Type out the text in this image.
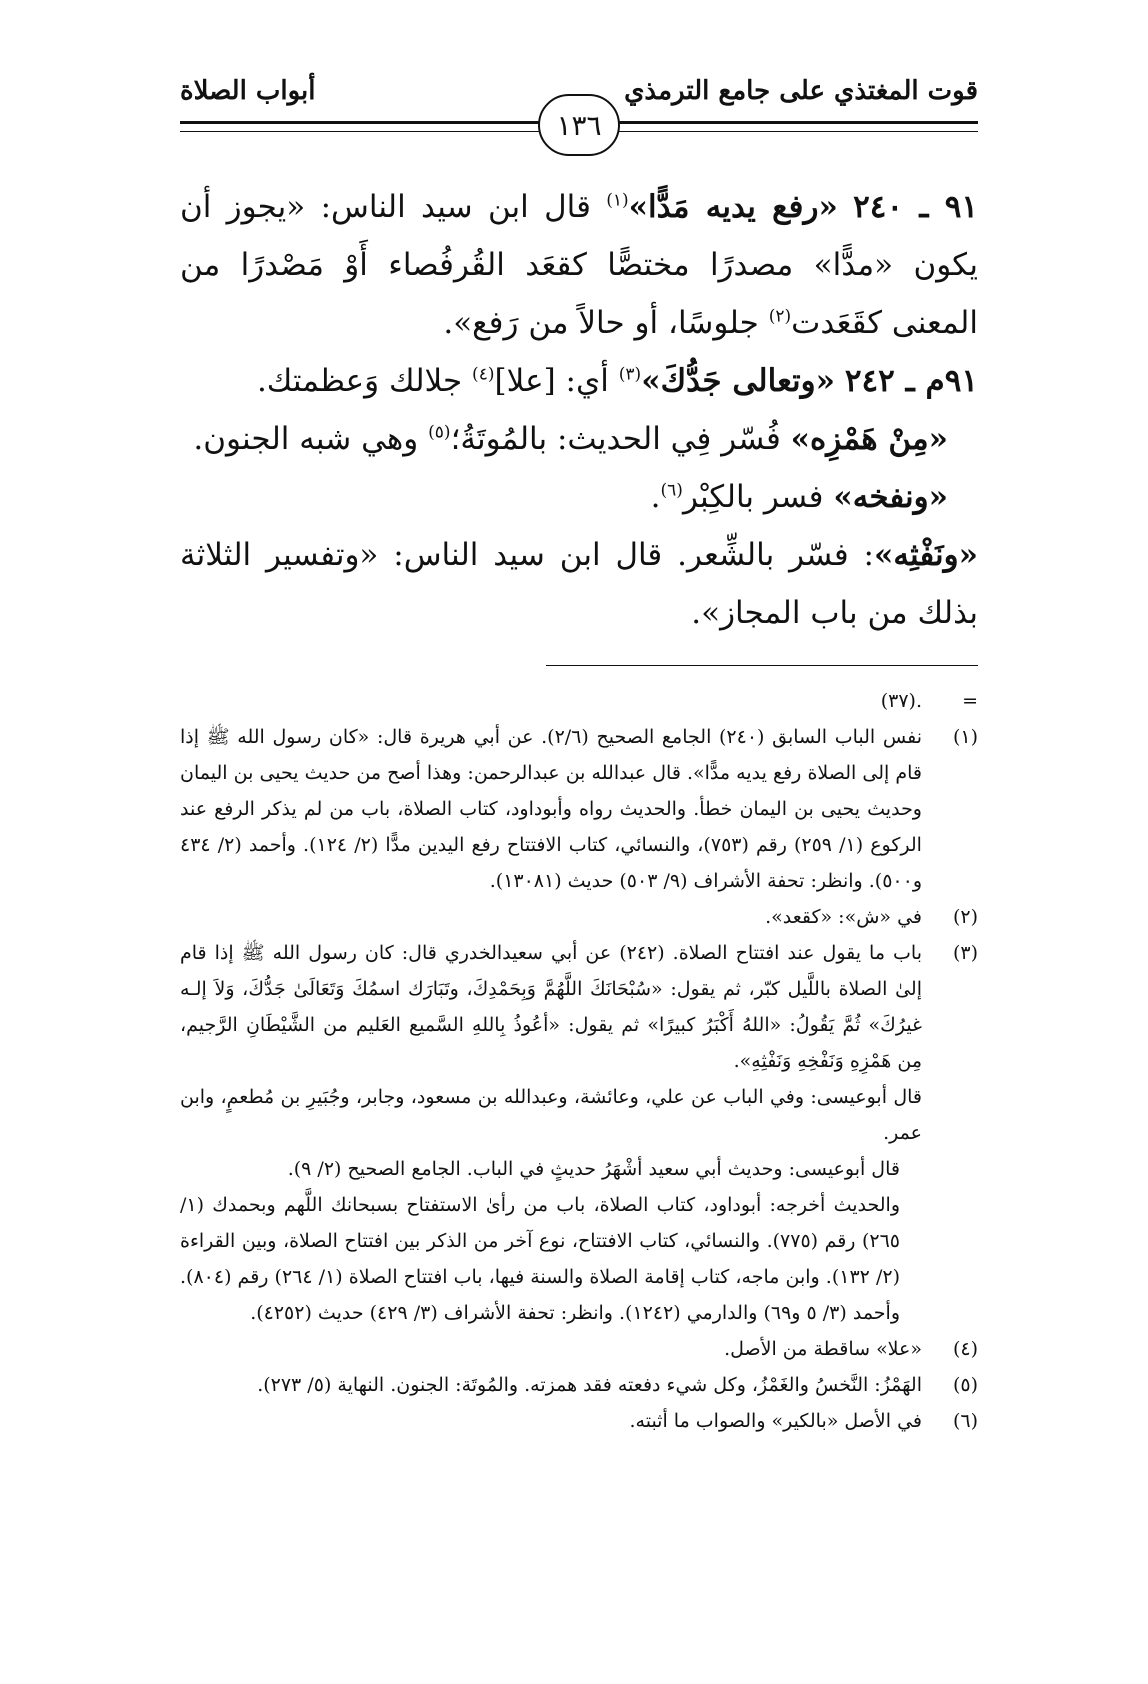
قوت المغتذي على جامع الترمذي
١٣٦
أبواب الصلاة

٩١ ـ ٢٤٠ «رفع يديه مَدًّا»$^{(١)}$ قال ابن سيد الناس: «يجوز أن يكون «مدًّا» مصدرًا مختصًّا كقعَد القُرفُصاء أَوْ مَصْدرًا من المعنى كقَعَدت$^{(٢)}$ جلوسًا، أو حالاً من رَفع».

٩١م ـ ٢٤٢ «وتعالى جَدُّكَ»$^{(٣)}$ أي: [علا]$^{(٤)}$ جلالك وَعظمتك.

«مِنْ هَمْزِه» فُسّر فِي الحديث: بالمُوتَةُ؛$^{(٥)}$ وهي شبه الجنون.

«ونفخه» فسر بالكِبْر$^{(٦)}$.

«ونَفْثِه»: فسّر بالشِّعر. قال ابن سيد الناس: «وتفسير الثلاثة بذلك من باب المجاز».

=
.(٣٧)
(١)

نفس الباب السابق (٢٤٠) الجامع الصحيح (٢/٦). عن أبي هريرة قال: «كان رسول الله ﷺ إذا قام إلى الصلاة رفع يديه مدًّا». قال عبدالله بن عبدالرحمن: وهذا أصح من حديث يحيى بن اليمان وحديث يحيى بن اليمان خطأ. والحديث رواه وأبوداود، كتاب الصلاة، باب من لم يذكر الرفع عند الركوع (١/ ٢٥٩) رقم (٧٥٣)، والنسائي، كتاب الافتتاح رفع اليدين مدًّا (٢/ ١٢٤). وأحمد (٢/ ٤٣٤ و٥٠٠). وانظر: تحفة الأشراف (٩/ ٥٠٣) حديث (١٣٠٨١).

(٢)

في «ش»: «كقعد».

(٣)

باب ما يقول عند افتتاح الصلاة. (٢٤٢) عن أبي سعيدالخدري قال: كان رسول الله ﷺ إذا قام إلىٰ الصلاة باللَّيل كبّر، ثم يقول: «سُبْحَانَكَ اللَّهُمَّ وَبِحَمْدِكَ، وتَبَارَك اسمُكَ وَتَعَالَىٰ جَدُّكَ، وَلاَ إلـه غيرُكَ» ثُمَّ يَقُولُ: «اللهُ أَكْبَرُ كبيرًا» ثم يقول: «أعُوذُ بِاللهِ السَّميع العَليم من الشَّيْطَانِ الرَّجيم، مِن هَمْزِهِ وَنَفْخِهِ وَنَفْثِهِ».

قال أبوعيسى: وفي الباب عن علي، وعائشة، وعبدالله بن مسعود، وجابر، وجُبَيرِ بن مُطعمٍ، وابن عمر.

قال أبوعيسى: وحديث أبي سعيد أشْهَرُ حديثٍ في الباب. الجامع الصحيح (٢/ ٩).

والحديث أخرجه: أبوداود، كتاب الصلاة، باب من رأىٰ الاستفتاح بسبحانك اللَّهم وبحمدك (١/ ٢٦٥) رقم (٧٧٥). والنسائي، كتاب الافتتاح، نوع آخر من الذكر بين افتتاح الصلاة، وبين القراءة (٢/ ١٣٢). وابن ماجه، كتاب إقامة الصلاة والسنة فيها، باب افتتاح الصلاة (١/ ٢٦٤) رقم (٨٠٤). وأحمد (٣/ ٥ و٦٩) والدارمي (١٢٤٢). وانظر: تحفة الأشراف (٣/ ٤٢٩) حديث (٤٢٥٢).

(٤)

«علا» ساقطة من الأصل.

(٥)

الهَمْزُ: النَّخسُ والغَمْزُ، وكل شيء دفعته فقد همزته. والمُوتَة: الجنون. النهاية (٥/ ٢٧٣).

(٦)

في الأصل «بالكير» والصواب ما أثبته.
